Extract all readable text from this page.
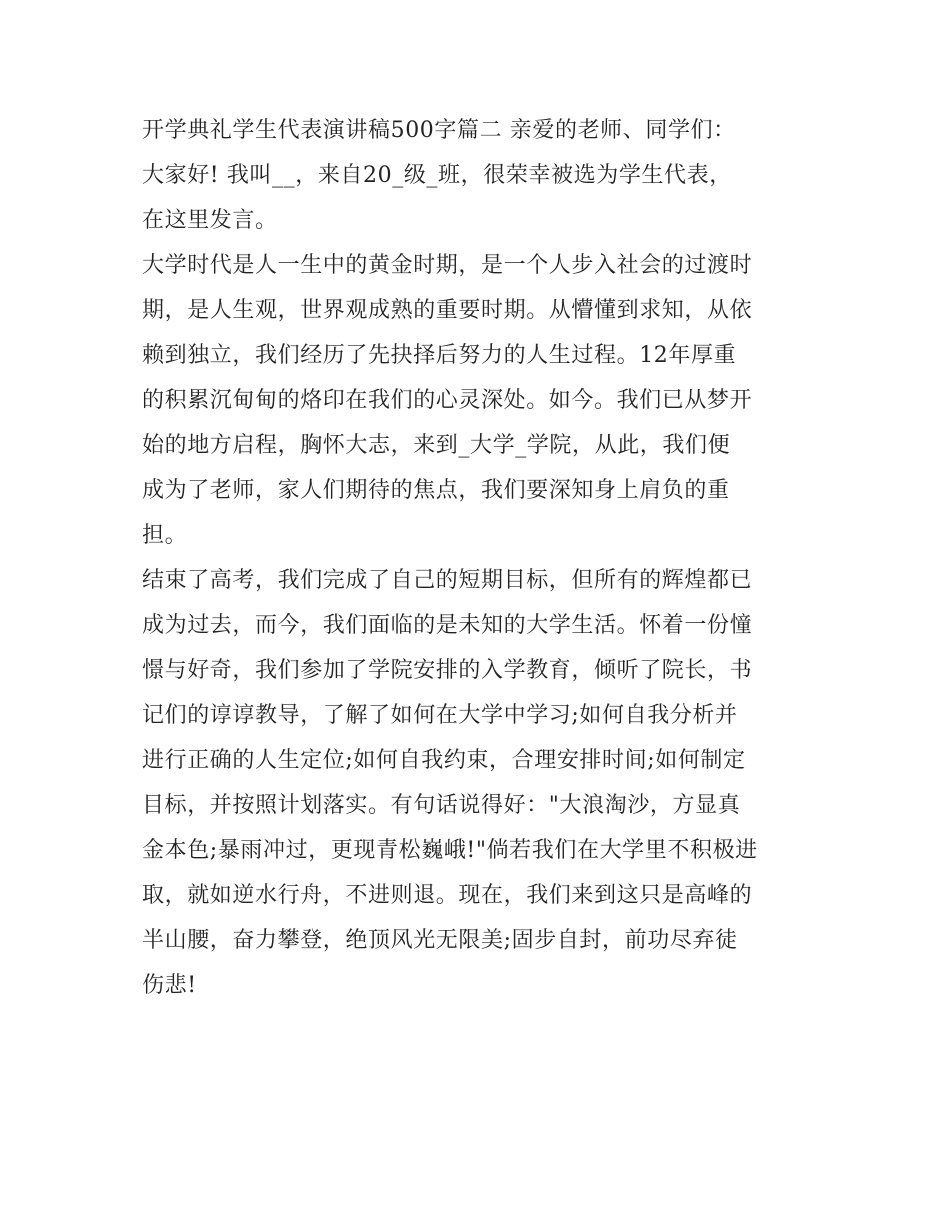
开学典礼学生代表演讲稿500字篇二 亲爱的老师、同学们：
大家好! 我叫__，来自20_级_班，很荣幸被选为学生代表，
在这里发言。
大学时代是人一生中的黄金时期，是一个人步入社会的过渡时
期，是人生观，世界观成熟的重要时期。从懵懂到求知，从依
赖到独立，我们经历了先抉择后努力的人生过程。12年厚重
的积累沉甸甸的烙印在我们的心灵深处。如今。我们已从梦开
始的地方启程，胸怀大志，来到_大学_学院，从此，我们便
成为了老师，家人们期待的焦点，我们要深知身上肩负的重
担。
结束了高考，我们完成了自己的短期目标，但所有的辉煌都已
成为过去，而今，我们面临的是未知的大学生活。怀着一份憧
憬与好奇，我们参加了学院安排的入学教育，倾听了院长，书
记们的谆谆教导，了解了如何在大学中学习;如何自我分析并
进行正确的人生定位;如何自我约束，合理安排时间;如何制定
目标，并按照计划落实。有句话说得好："大浪淘沙，方显真
金本色;暴雨冲过，更现青松巍峨!"倘若我们在大学里不积极进
取，就如逆水行舟，不进则退。现在，我们来到这只是高峰的
半山腰，奋力攀登，绝顶风光无限美;固步自封，前功尽弃徒
伤悲!
